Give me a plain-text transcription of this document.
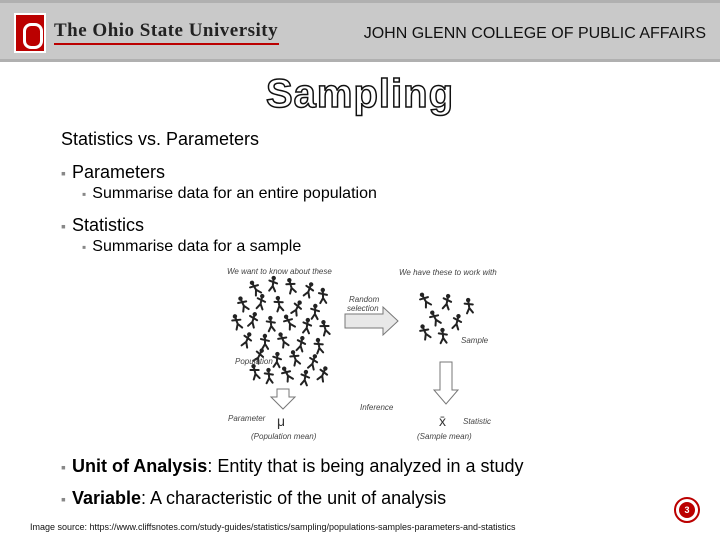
The Ohio State University	JOHN GLENN COLLEGE OF PUBLIC AFFAIRS
Sampling
Statistics vs. Parameters
▪ Parameters
▪ Summarise data for an entire population
▪ Statistics
▪ Summarise data for a sample
We want to know about these	We have these to work with
Random
selection
Population
Sample
Inference
Parameter	Statistic
μ	x̄
(Population mean)	(Sample mean)
▪ Unit of Analysis: Entity that is being analyzed in a study
▪ Variable: A characteristic of the unit of analysis
Image source: https://www.cliffsnotes.com/study-guides/statistics/sampling/populations-samples-parameters-and-statistics
3
